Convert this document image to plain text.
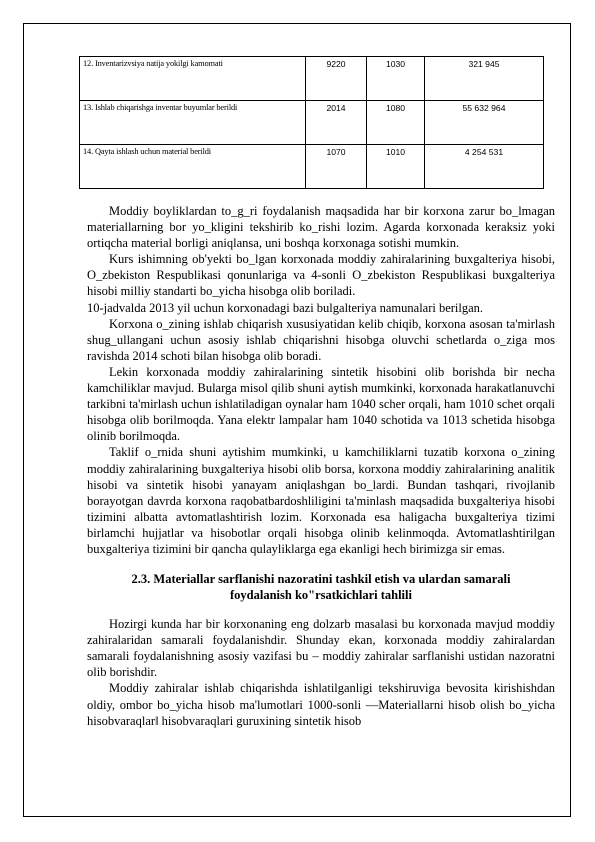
12. Inventarizvsiya natija yokilgi kamomati	9220	1030	321 945
13. Ishlab chiqarishga inventar buyumlar berildi	2014	1080	55 632 964
14. Qayta ishlash uchun material berildi	1070	1010	4 254 531

Moddiy boyliklardan to_g_ri foydalanish maqsadida har bir korxona zarur bo_lmagan materiallarning bor yo_kligini tekshirib ko_rishi lozim. Agarda korxonada keraksiz yoki ortiqcha material borligi aniqlansa, uni boshqa korxonaga sotishi mumkin.

Kurs ishimning ob'yekti bo_lgan korxonada moddiy zahiralarining buxgalteriya hisobi, O_zbekiston Respublikasi qonunlariga va 4-sonli O_zbekiston Respublikasi buxgalteriya hisobi milliy standarti bo_yicha hisobga olib boriladi.

10-jadvalda 2013 yil uchun korxonadagi bazi bulgalteriya namunalari berilgan.

Korxona o_zining ishlab chiqarish xususiyatidan kelib chiqib, korxona asosan ta'mirlash shug_ullangani uchun asosiy ishlab chiqarishni hisobga oluvchi schetlarda o_ziga mos ravishda 2014 schoti bilan hisobga olib boradi.

Lekin korxonada moddiy zahiralarining sintetik hisobini olib borishda bir necha kamchiliklar mavjud. Bularga misol qilib shuni aytish mumkinki, korxonada harakatlanuvchi tarkibni ta'mirlash uchun ishlatiladigan oynalar ham 1040 scher orqali, ham 1010 schet orqali hisobga olib borilmoqda. Yana elektr lampalar ham 1040 schotida va 1013 schetida hisobga olinib borilmoqda.

Taklif o_rnida shuni aytishim mumkinki, u kamchiliklarni tuzatib korxona o_zining moddiy zahiralarining buxgalteriya hisobi olib borsa, korxona moddiy zahiralarining analitik hisobi va sintetik hisobi yanayam aniqlashgan bo_lardi. Bundan tashqari, rivojlanib borayotgan davrda korxona raqobatbardoshliligini ta'minlash maqsadida buxgalteriya hisobi tizimini albatta avtomatlashtirish lozim. Korxonada esa haligacha buxgalteriya tizimi birlamchi hujjatlar va hisobotlar orqali hisobga olinib kelinmoqda. Avtomatlashtirilgan buxgalteriya tizimini bir qancha qulayliklarga ega ekanligi hech birimizga sir emas.

2.3. Materiallar sarflanishi nazoratini tashkil etish va ulardan samarali foydalanish ko"rsatkichlari tahlili

Hozirgi kunda har bir korxonaning eng dolzarb masalasi bu korxonada mavjud moddiy zahiralaridan samarali foydalanishdir. Shunday ekan, korxonada moddiy zahiralardan samarali foydalanishning asosiy vazifasi bu – moddiy zahiralar sarflanishi ustidan nazoratni olib borishdir.

Moddiy zahiralar ishlab chiqarishda ishlatilganligi tekshiruviga bevosita kirishishdan oldiy, ombor bo_yicha hisob ma'lumotlari 1000-sonli —Materiallarni hisob olish bo_yicha hisobvaraqlar‖ hisobvaraqlari guruxining sintetik hisob
